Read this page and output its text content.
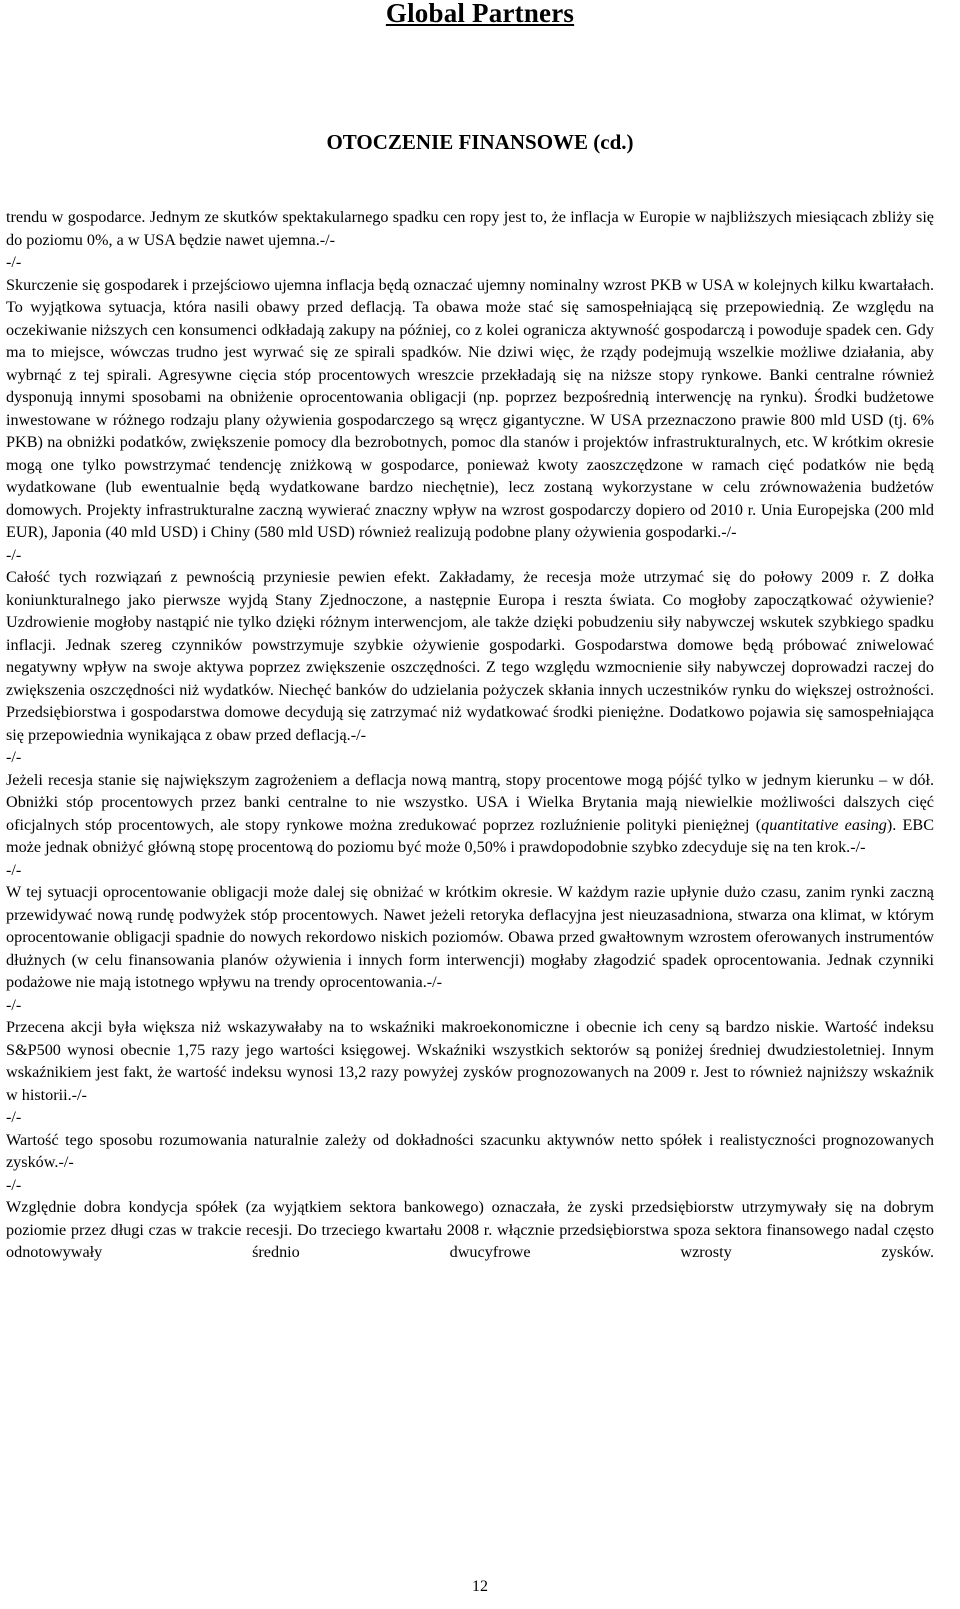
Global Partners
OTOCZENIE FINANSOWE (cd.)

trendu w gospodarce. Jednym ze skutków spektakularnego spadku cen ropy jest to, że inflacja w Europie w najbliższych miesiącach zbliży się do poziomu 0%, a w USA będzie nawet ujemna.-/-

-/-

Skurczenie się gospodarek i przejściowo ujemna inflacja będą oznaczać ujemny nominalny wzrost PKB w USA w kolejnych kilku kwartałach. To wyjątkowa sytuacja, która nasili obawy przed deflacją. Ta obawa może stać się samospełniającą się przepowiednią. Ze względu na oczekiwanie niższych cen konsumenci odkładają zakupy na później, co z kolei ogranicza aktywność gospodarczą i powoduje spadek cen. Gdy ma to miejsce, wówczas trudno jest wyrwać się ze spirali spadków. Nie dziwi więc, że rządy podejmują wszelkie możliwe działania, aby wybrnąć z tej spirali. Agresywne cięcia stóp procentowych wreszcie przekładają się na niższe stopy rynkowe. Banki centralne również dysponują innymi sposobami na obniżenie oprocentowania obligacji (np. poprzez bezpośrednią interwencję na rynku). Środki budżetowe inwestowane w różnego rodzaju plany ożywienia gospodarczego są wręcz gigantyczne. W USA przeznaczono prawie 800 mld USD (tj. 6% PKB) na obniżki podatków, zwiększenie pomocy dla bezrobotnych, pomoc dla stanów i projektów infrastrukturalnych, etc. W krótkim okresie mogą one tylko powstrzymać tendencję zniżkową w gospodarce, ponieważ kwoty zaoszczędzone w ramach cięć podatków nie będą wydatkowane (lub ewentualnie będą wydatkowane bardzo niechętnie), lecz zostaną wykorzystane w celu zrównoważenia budżetów domowych. Projekty infrastrukturalne zaczną wywierać znaczny wpływ na wzrost gospodarczy dopiero od 2010 r. Unia Europejska (200 mld EUR), Japonia (40 mld USD) i Chiny (580 mld USD) również realizują podobne plany ożywienia gospodarki.-/-

-/-

Całość tych rozwiązań z pewnością przyniesie pewien efekt. Zakładamy, że recesja może utrzymać się do połowy 2009 r. Z dołka koniunkturalnego jako pierwsze wyjdą Stany Zjednoczone, a następnie Europa i reszta świata. Co mogłoby zapoczątkować ożywienie? Uzdrowienie mogłoby nastąpić nie tylko dzięki różnym interwencjom, ale także dzięki pobudzeniu siły nabywczej wskutek szybkiego spadku inflacji. Jednak szereg czynników powstrzymuje szybkie ożywienie gospodarki. Gospodarstwa domowe będą próbować zniwelować negatywny wpływ na swoje aktywa poprzez zwiększenie oszczędności. Z tego względu wzmocnienie siły nabywczej doprowadzi raczej do zwiększenia oszczędności niż wydatków. Niechęć banków do udzielania pożyczek skłania innych uczestników rynku do większej ostrożności. Przedsiębiorstwa i gospodarstwa domowe decydują się zatrzymać niż wydatkować środki pieniężne. Dodatkowo pojawia się samospełniająca się przepowiednia wynikająca z obaw przed deflacją.-/-

-/-

Jeżeli recesja stanie się największym zagrożeniem a deflacja nową mantrą, stopy procentowe mogą pójść tylko w jednym kierunku – w dół. Obniżki stóp procentowych przez banki centralne to nie wszystko. USA i Wielka Brytania mają niewielkie możliwości dalszych cięć oficjalnych stóp procentowych, ale stopy rynkowe można zredukować poprzez rozluźnienie polityki pieniężnej (quantitative easing). EBC może jednak obniżyć główną stopę procentową do poziomu być może 0,50% i prawdopodobnie szybko zdecyduje się na ten krok.-/-

-/-

W tej sytuacji oprocentowanie obligacji może dalej się obniżać w krótkim okresie. W każdym razie upłynie dużo czasu, zanim rynki zaczną przewidywać nową rundę podwyżek stóp procentowych. Nawet jeżeli retoryka deflacyjna jest nieuzasadniona, stwarza ona klimat, w którym oprocentowanie obligacji spadnie do nowych rekordowo niskich poziomów. Obawa przed gwałtownym wzrostem oferowanych instrumentów dłużnych (w celu finansowania planów ożywienia i innych form interwencji) mogłaby złagodzić spadek oprocentowania. Jednak czynniki podażowe nie mają istotnego wpływu na trendy oprocentowania.-/-

-/-

Przecena akcji była większa niż wskazywałaby na to wskaźniki makroekonomiczne i obecnie ich ceny są bardzo niskie. Wartość indeksu S&P500 wynosi obecnie 1,75 razy jego wartości księgowej. Wskaźniki wszystkich sektorów są poniżej średniej dwudziestoletniej. Innym wskaźnikiem jest fakt, że wartość indeksu wynosi 13,2 razy powyżej zysków prognozowanych na 2009 r. Jest to również najniższy wskaźnik w historii.-/-

-/-

Wartość tego sposobu rozumowania naturalnie zależy od dokładności szacunku aktywnów netto spółek i realistyczności prognozowanych zysków.-/-

-/-

Względnie dobra kondycja spółek (za wyjątkiem sektora bankowego) oznaczała, że zyski przedsiębiorstw utrzymywały się na dobrym poziomie przez długi czas w trakcie recesji. Do trzeciego kwartału 2008 r. włącznie przedsiębiorstwa spoza sektora finansowego nadal często odnotowywały średnio dwucyfrowe wzrosty zysków.

12
